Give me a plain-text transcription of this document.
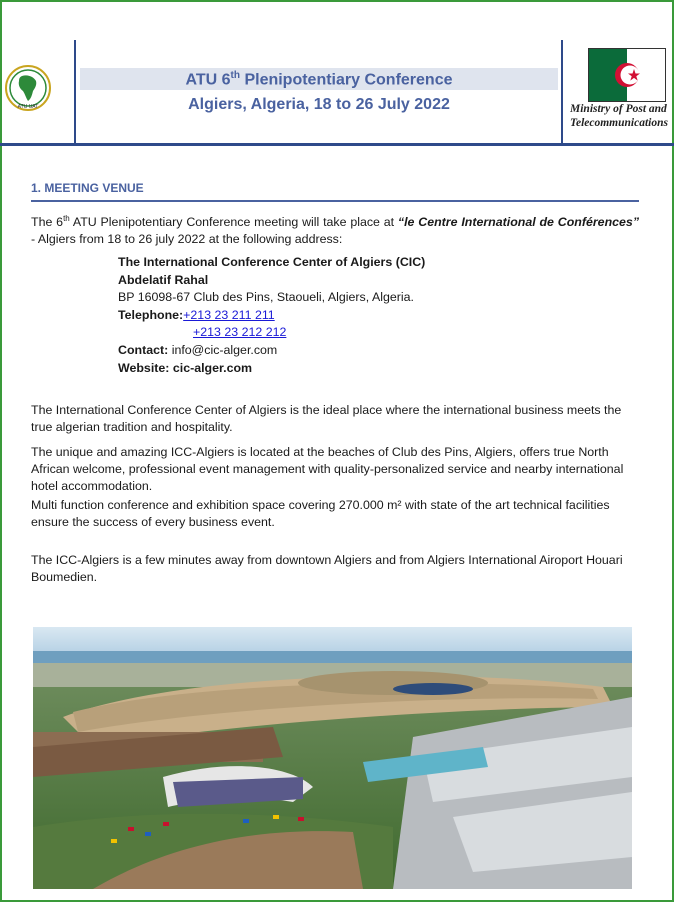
ATU UAT
ATU 6th Plenipotentiary Conference
Algiers, Algeria, 18 to 26 July 2022	Ministry of Post and
Telecommunications
1. MEETING VENUE
The 6th ATU Plenipotentiary Conference meeting will take place at “le Centre International de Conférences” - Algiers from 18 to 26 july 2022 at the following address:
The International Conference Center of Algiers (CIC)
Abdelatif Rahal
BP 16098-67 Club des Pins, Staoueli, Algiers, Algeria.
Telephone:+213 23 211 211
+213 23 212 212
Contact: info@cic-alger.com
Website: cic-alger.com
The International Conference Center of Algiers is the ideal place where the international business meets the true algerian tradition and hospitality.
The unique and amazing ICC-Algiers is located at the beaches of Club des Pins, Algiers, offers true North African welcome, professional event management with quality-personalized service and nearby international hotel accommodation.
Multi function conference and exhibition space covering 270.000 m² with state of the art technical facilities ensure the success of every business event.
The ICC-Algiers is a few minutes away from downtown Algiers and from Algiers International Airoport Houari Boumedien.
